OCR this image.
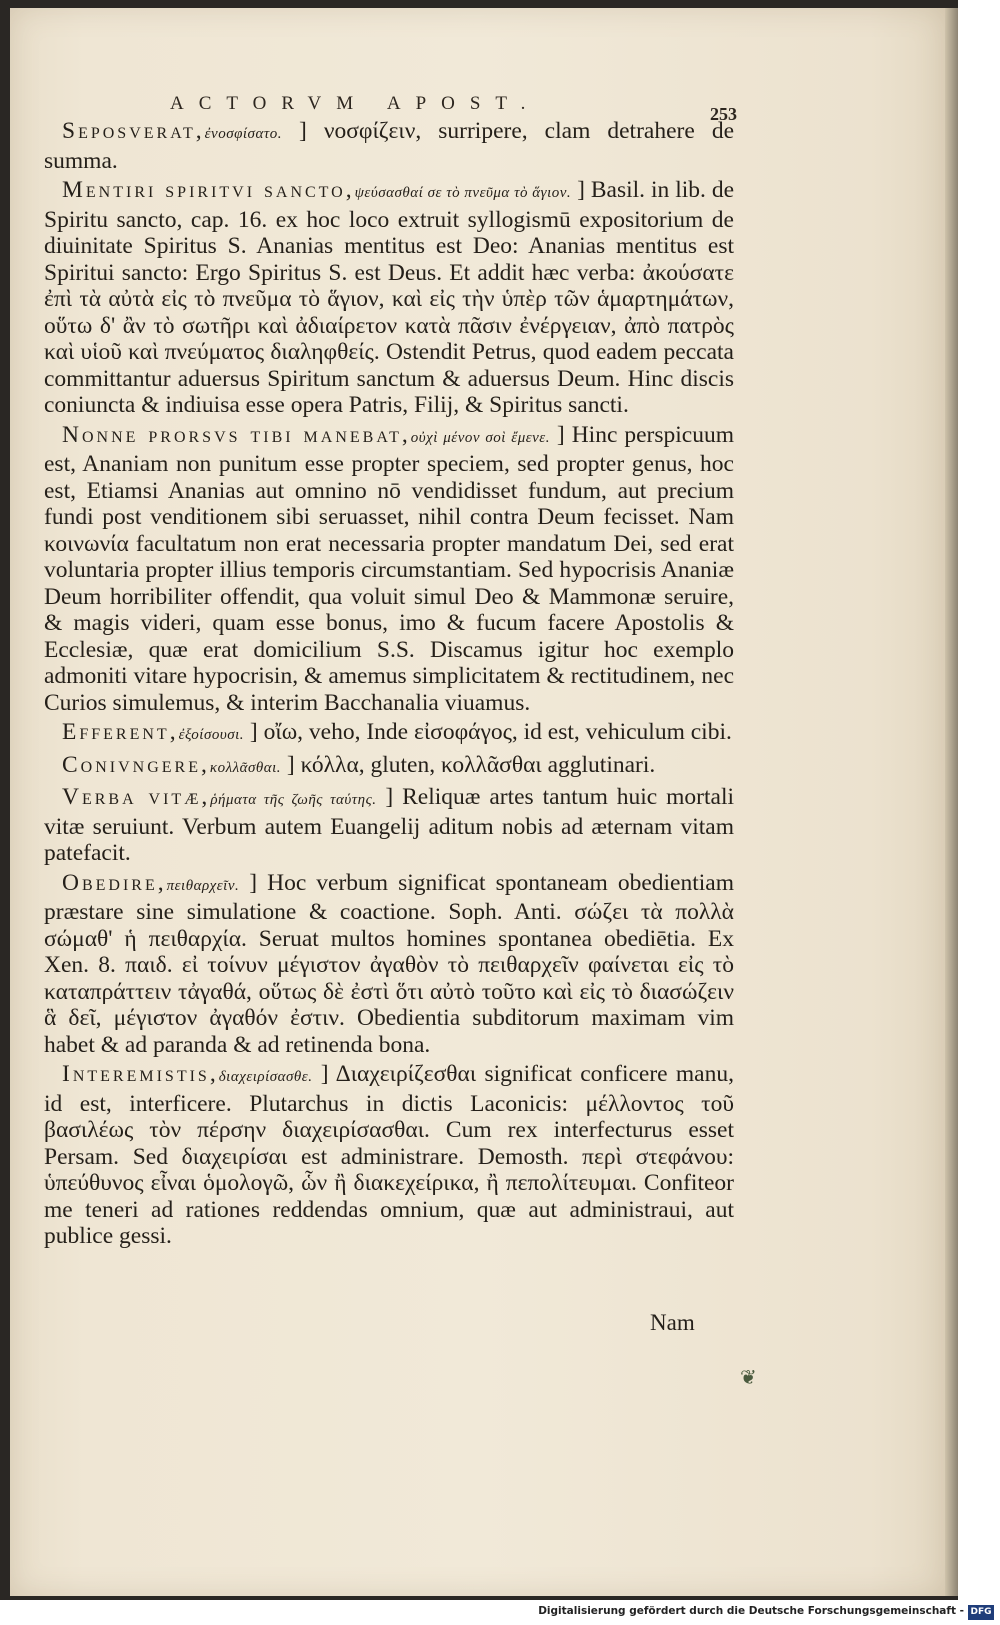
ACTORVM APOST.	253

Seposverat,ἐνοσφίσατο. ] νοσφίζειν, surripere, clam detrahere de summa.

Mentiri spiritvi sancto,ψεύσασθαί σε τὸ πνεῦμα τὸ ἅγιον. ] Basil. in lib. de Spiritu sancto, cap. 16. ex hoc loco extruit syllogismū expositorium de diuinitate Spiritus S. Ananias mentitus est Deo: Ananias mentitus est Spiritui sancto: Ergo Spiritus S. est Deus. Et addit hæc verba: ἀκούσατε ἐπὶ τὰ αὐτὰ εἰς τὸ πνεῦμα τὸ ἅγιον, καὶ εἰς τὴν ὑπὲρ τῶν ἁμαρτημάτων, οὕτω δ' ἂν τὸ σωτῆρι καὶ ἀδιαίρετον κατὰ πᾶσιν ἐνέργειαν, ἀπὸ πατρὸς καὶ υἱοῦ καὶ πνεύματος διαληφθείς. Ostendit Petrus, quod eadem peccata committantur aduersus Spiritum sanctum & aduersus Deum. Hinc discis coniuncta & indiuisa esse opera Patris, Filij, & Spiritus sancti.

Nonne prorsvs tibi manebat,οὐχὶ μένον σοὶ ἔμενε. ] Hinc perspicuum est, Ananiam non punitum esse propter speciem, sed propter genus, hoc est, Etiamsi Ananias aut omnino nō vendidisset fundum, aut precium fundi post venditionem sibi seruasset, nihil contra Deum fecisset. Nam κοινωνία facultatum non erat necessaria propter mandatum Dei, sed erat voluntaria propter illius temporis circumstantiam. Sed hypocrisis Ananiæ Deum horribiliter offendit, qua voluit simul Deo & Mammonæ seruire, & magis videri, quam esse bonus, imo & fucum facere Apostolis & Ecclesiæ, quæ erat domicilium S.S. Discamus igitur hoc exemplo admoniti vitare hypocrisin, & amemus simplicitatem & rectitudinem, nec Curios simulemus, & interim Bacchanalia viuamus.

Efferent,ἐξοίσουσι. ] οἴω, veho, Inde εἰσοφάγος, id est, vehiculum cibi.

Conivngere,κολλᾶσθαι. ] κόλλα, gluten, κολλᾶσθαι agglutinari.

Verba vitæ,ῥήματα τῆς ζωῆς ταύτης. ] Reliquæ artes tantum huic mortali vitæ seruiunt. Verbum autem Euangelij aditum nobis ad æternam vitam patefacit.

Obedire,πειθαρχεῖν. ] Hoc verbum significat spontaneam obedientiam præstare sine simulatione & coactione. Soph. Anti. σώζει τὰ πολλὰ σώμαθ' ἡ πειθαρχία. Seruat multos homines spontanea obediētia. Ex Xen. 8. παιδ. εἰ τοίνυν μέγιστον ἀγαθὸν τὸ πειθαρχεῖν φαίνεται εἰς τὸ καταπράττειν τἀγαθά, οὕτως δὲ ἐστὶ ὅτι αὐτὸ τοῦτο καὶ εἰς τὸ διασώζειν ἃ δεῖ, μέγιστον ἀγαθόν ἐστιν. Obedientia subditorum maximam vim habet & ad paranda & ad retinenda bona.

Interemistis,διαχειρίσασθε. ] Διαχειρίζεσθαι significat conficere manu, id est, interficere. Plutarchus in dictis Laconicis: μέλλοντος τοῦ βασιλέως τὸν πέρσην διαχειρίσασθαι. Cum rex interfecturus esset Persam. Sed διαχειρίσαι est administrare. Demosth. περὶ στεφάνου: ὑπεύθυνος εἶναι ὁμολογῶ, ὧν ἢ διακεχείρικα, ἢ πεπολίτευμαι. Confiteor me teneri ad rationes reddendas omnium, quæ aut administraui, aut publice gessi.

Nam
❦
Digitalisierung gefördert durch die Deutsche Forschungsgemeinschaft - DFG
